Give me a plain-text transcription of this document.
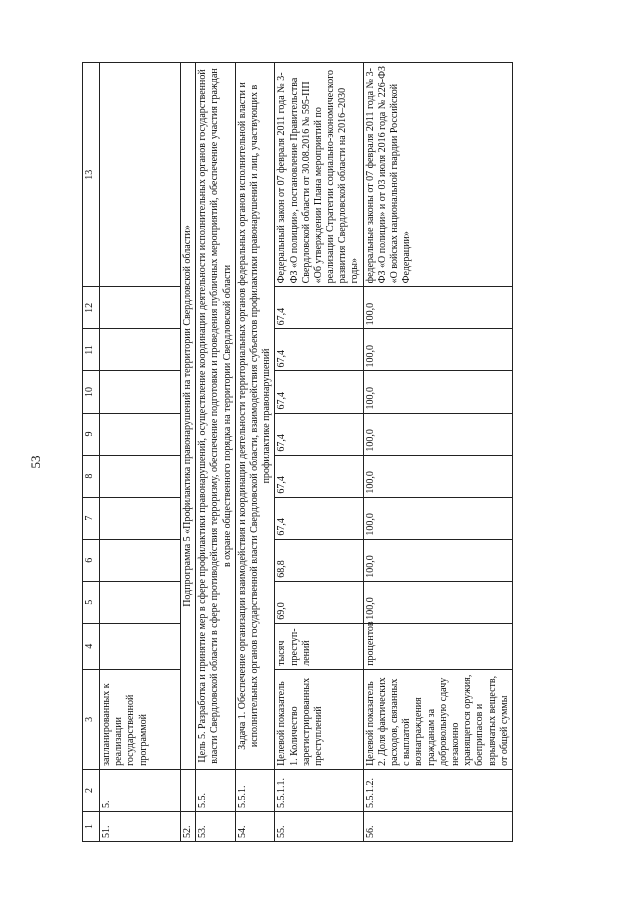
53
1	2	3	4	5	6	7	8	9	10	11	12	13
51.	5.	запланированных к реализации государственной программой										
52.		Подпрограмма 5 «Профилактика правонарушений на территории Свердловской области»										
53.	5.5.	Цель 5. Разработка и принятие мер в сфере профилактики правонарушений, осуществление координации деятельности исполнительных органов государственной власти Свердловской области в сфере противодействия терроризму, обеспечение подготовки и проведения публичных мероприятий, обеспечение участия граждан в охране общественного порядка на территории Свердловской области										
54.	5.5.1.	Задача 1. Обеспечение организации взаимодействия и координации деятельности территориальных органов федеральных органов исполнительной власти и исполнительных органов государственной власти Свердловской области, взаимодействия субъектов профилактики правонарушений и лиц, участвующих в профилактике правонарушений										
55.	5.5.1.1.	Целевой показатель 1. Количество зарегистрированных преступлений	тысяч преступ-лений	69,0	68,8	67,4	67,4	67,4	67,4	67,4	67,4	Федеральный закон от 07 февраля 2011 года № 3-ФЗ «О полиции», постановление Правительства Свердловской области от 30.08.2016 № 595-ПП «Об утверждении Плана мероприятий по реализации Стратегии социально-экономического развития Свердловской области на 2016–2030 годы»
56.	5.5.1.2.	Целевой показатель 2. Доля фактических расходов, связанных с выплатой вознаграждения гражданам за добровольную сдачу незаконно хранящегося оружия, боеприпасов и взрывчатых веществ, от общей суммы	процентов	100,0	100,0	100,0	100,0	100,0	100,0	100,0	100,0	федеральные законы от 07 февраля 2011 года № 3-ФЗ «О полиции» и от 03 июля 2016 года № 226-ФЗ «О войсках национальной гвардии Российской Федерации»
